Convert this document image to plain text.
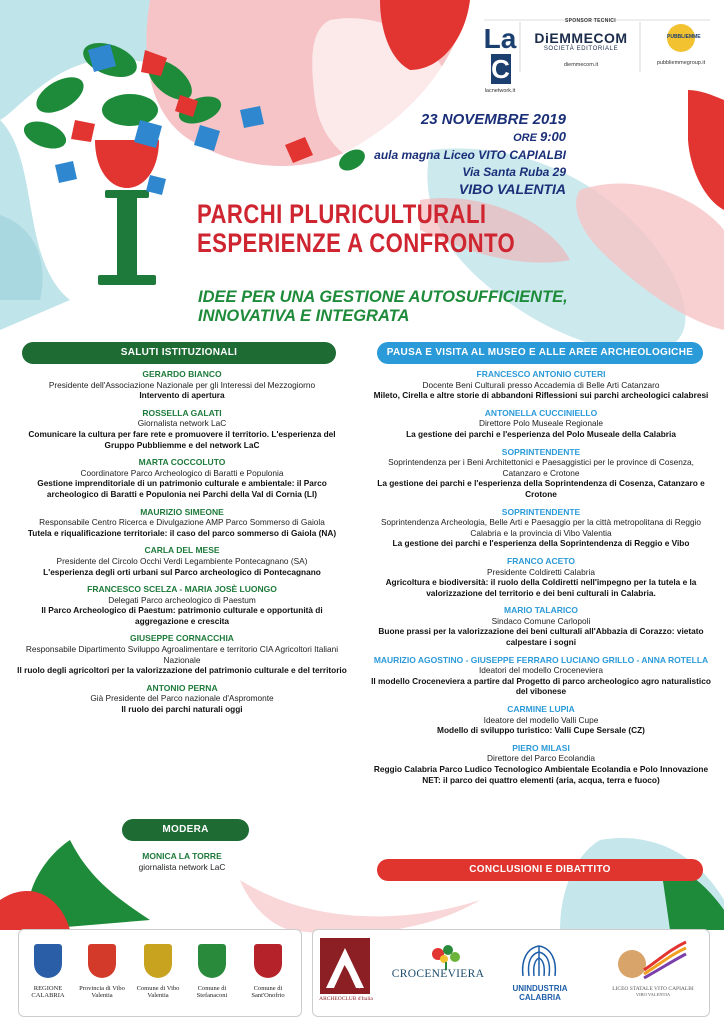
SPONSOR TECNICI
LaC
lacnetwork.it
DiEMMECOM
SOCIETÀ EDITORIALE
diemmecom.it
PUBBLIEMME
pubbliemmegroup.it
23 NOVEMBRE 2019
ORE 9:00
aula magna Liceo VITO CAPIALBI
Via Santa Ruba 29
VIBO VALENTIA
PARCHI PLURICULTURALI
ESPERIENZE A CONFRONTO
IDEE PER UNA GESTIONE AUTOSUFFICIENTE,
INNOVATIVA E INTEGRATA
SALUTI ISTITUZIONALI	PAUSA E VISITA AL MUSEO E ALLE AREE ARCHEOLOGICHE
GERARDO BIANCO
Presidente dell'Associazione Nazionale per gli Interessi del Mezzogiorno
Intervento di apertura
ROSSELLA GALATI
Giornalista network LaC
Comunicare la cultura per fare rete e promuovere il territorio. L'esperienza del Gruppo Pubbliemme e del network LaC
MARTA COCCOLUTO
Coordinatore Parco Archeologico di Baratti e Populonia
Gestione imprenditoriale di un patrimonio culturale e ambientale: il Parco archeologico di Baratti e Populonia nei Parchi della Val di Cornia (LI)
MAURIZIO SIMEONE
Responsabile Centro Ricerca e Divulgazione AMP Parco Sommerso di Gaiola
Tutela e riqualificazione territoriale: il caso del parco sommerso di Gaiola (NA)
CARLA DEL MESE
Presidente del Circolo Occhi Verdi Legambiente Pontecagnano (SA)
L'esperienza degli orti urbani sul Parco archeologico di Pontecagnano
FRANCESCO SCELZA - MARIA JOSÈ LUONGO
Delegati Parco archeologico di Paestum
Il Parco Archeologico di Paestum: patrimonio culturale e opportunità di aggregazione e crescita
GIUSEPPE CORNACCHIA
Responsabile Dipartimento Sviluppo Agroalimentare e territorio CIA Agricoltori Italiani Nazionale
Il ruolo degli agricoltori per la valorizzazione del patrimonio culturale e del territorio
ANTONIO PERNA
Già Presidente del Parco nazionale d'Aspromonte
Il ruolo dei parchi naturali oggi
MODERA
MONICA LA TORRE
giornalista network LaC
FRANCESCO ANTONIO CUTERI
Docente Beni Culturali presso Accademia di Belle Arti Catanzaro
Mileto, Cirella e altre storie di abbandoni Riflessioni sui parchi archeologici calabresi
ANTONELLA CUCCINIELLO
Direttore Polo Museale Regionale
La gestione dei parchi e l'esperienza del Polo Museale della Calabria
SOPRINTENDENTE
Soprintendenza per i Beni Architettonici e Paesaggistici per le province di Cosenza, Catanzaro e Crotone
La gestione dei parchi e l'esperienza della Soprintendenza di Cosenza, Catanzaro e Crotone
SOPRINTENDENTE
Soprintendenza Archeologia, Belle Arti e Paesaggio per la città metropolitana di Reggio Calabria e la provincia di Vibo Valentia
La gestione dei parchi e l'esperienza della Soprintendenza di Reggio e Vibo
FRANCO ACETO
Presidente Coldiretti Calabria
Agricoltura e biodiversità: il ruolo della Coldiretti nell'impegno per la tutela e la valorizzazione del territorio e dei beni culturali in Calabria.
MARIO TALARICO
Sindaco Comune Carlopoli
Buone prassi per la valorizzazione dei beni culturali all'Abbazia di Corazzo: vietato calpestare i sogni
MAURIZIO AGOSTINO - GIUSEPPE FERRARO LUCIANO GRILLO - ANNA ROTELLA
Ideatori del modello Croceneviera
Il modello Croceneviera a partire dal Progetto di parco archeologico agro naturalistico del vibonese
CARMINE LUPIA
Ideatore del modello Valli Cupe
Modello di sviluppo turistico: Valli Cupe Sersale (CZ)
PIERO MILASI
Direttore del Parco Ecolandia
Reggio Calabria Parco Ludico Tecnologico Ambientale Ecolandia e Polo Innovazione NET: il parco dei quattro elementi (aria, acqua, terra e fuoco)
CONCLUSIONI E DIBATTITO
REGIONE CALABRIA
Provincia di Vibo Valentia
Comune di Vibo Valentia
Comune di Stefanaconi
Comune di Sant'Onofrio	ARCHEOCLUB d'Italia
CROCENEVIERA
UNINDUSTRIA CALABRIA
LICEO STATALE VITO CAPIALBI
VIBO VALENTIA
